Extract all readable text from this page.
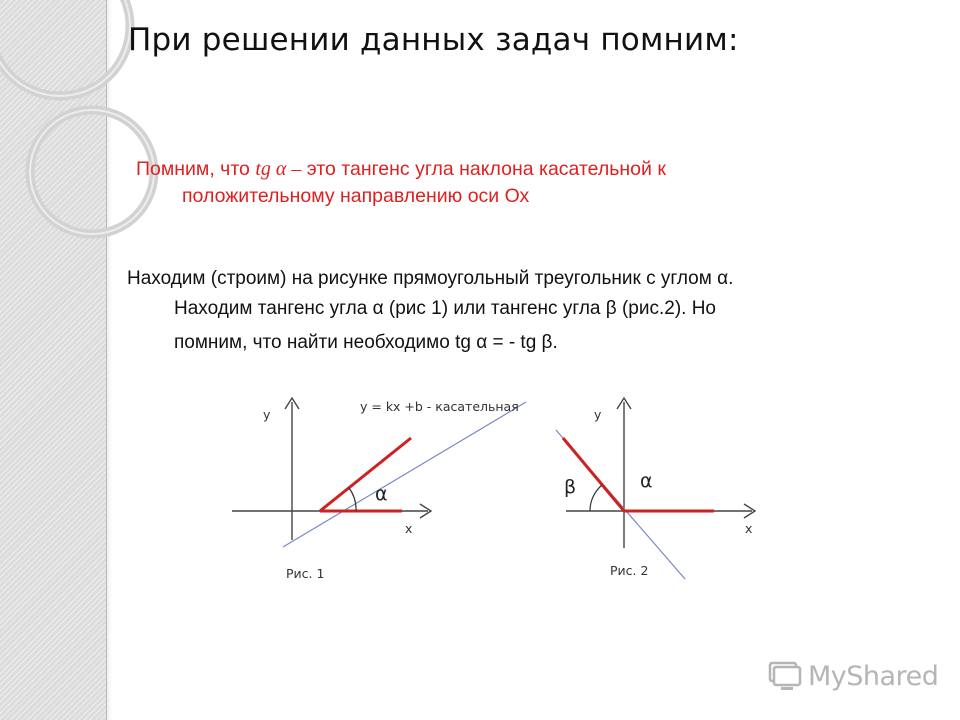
При решении данных задач помним:
Помним, что tg α – это тангенс угла наклона касательной к
положительному направлению оси Ох
Находим (строим) на рисунке прямоугольный треугольник с углом α.
Находим тангенс угла α (рис 1) или тангенс угла β (рис.2). Но
помним, что найти необходимо tg α = - tg β.
y
x
y = kx +b - касательная
α
Рис. 1
y
x
α
β
Рис. 2
MyShared
